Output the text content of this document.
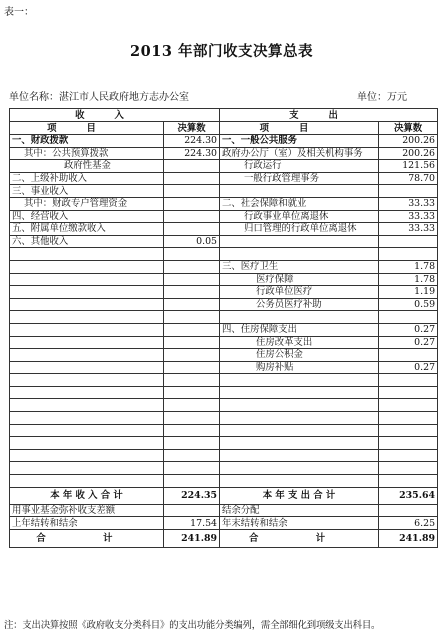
表一：
2013 年部门收支决算总表
单位名称：湛江市人民政府地方志办公室	单位：万元
收入		支出	
项目	决算数	项目	决算数
一、财政拨款	224.30	一、一般公共服务	200.26
其中：公共预算拨款	224.30	政府办公厅（室）及相关机构事务	200.26
政府性基金		行政运行	121.56
二、上级补助收入		一般行政管理事务	78.70
三、事业收入			
其中：财政专户管理资金		二、社会保障和就业	33.33
四、经营收入		行政事业单位离退休	33.33
五、附属单位缴款收入		归口管理的行政单位离退休	33.33
六、其他收入	0.05		

		三、医疗卫生	1.78
		医疗保障	1.78
		行政单位医疗	1.19
		公务员医疗补助	0.59

		四、住房保障支出	0.27
		住房改革支出	0.27
		住房公积金	
		购房补贴	0.27

本 年 收 入 合 计	224.35	本 年 支 出 合 计	235.64
用事业基金弥补收支差额		结余分配	
上年结转和结余	17.54	年末结转和结余	6.25
合　计	241.89	合　计	241.89
注：支出决算按照《政府收支分类科目》的支出功能分类编列，需全部细化到项级支出科目。
